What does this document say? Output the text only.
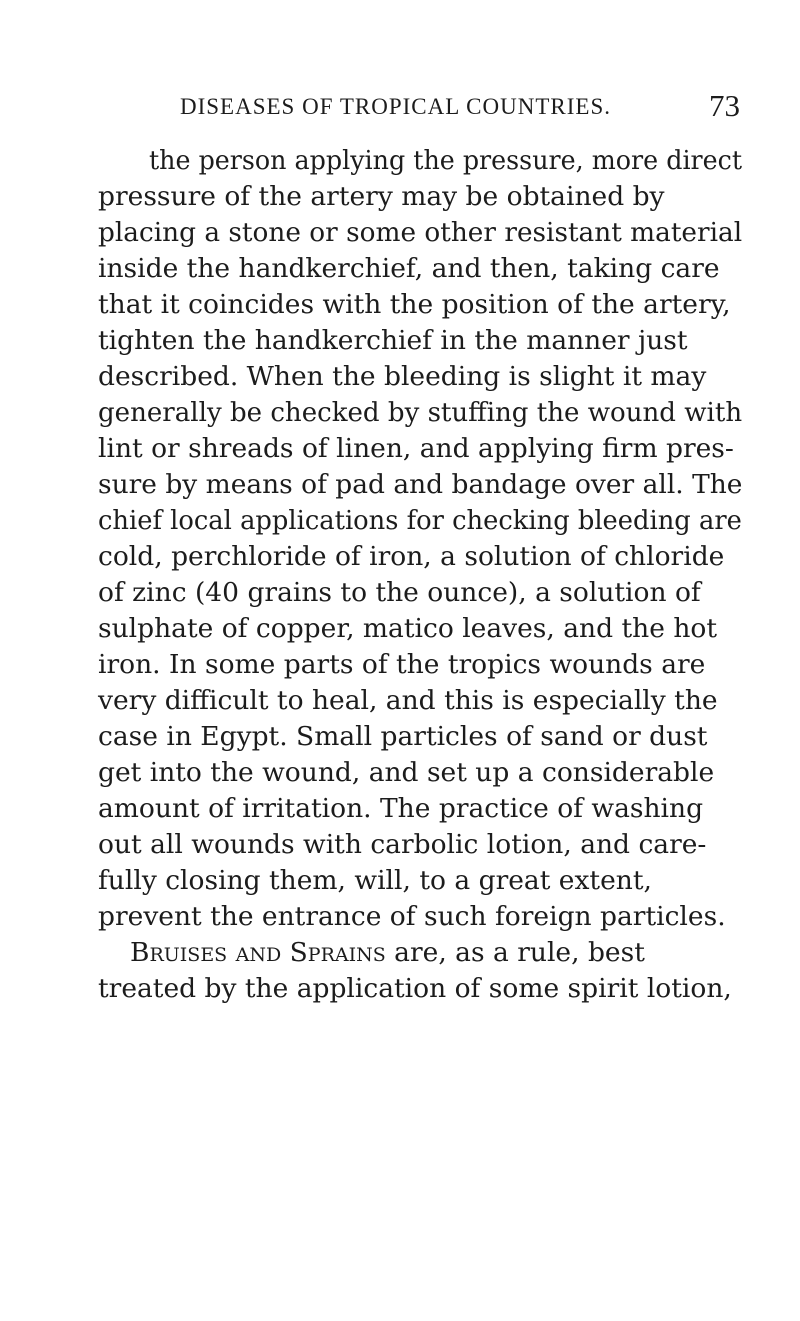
DISEASES OF TROPICAL COUNTRIES.	73
the person applying the pressure, more direct
pressure of the artery may be obtained by
placing a stone or some other resistant material
inside the handkerchief, and then, taking care
that it coincides with the position of the artery,
tighten the handkerchief in the manner just
described. When the bleeding is slight it may
generally be checked by stuffing the wound with
lint or shreads of linen, and applying firm pres-
sure by means of pad and bandage over all. The
chief local applications for checking bleeding are
cold, perchloride of iron, a solution of chloride
of zinc (40 grains to the ounce), a solution of
sulphate of copper, matico leaves, and the hot
iron. In some parts of the tropics wounds are
very difficult to heal, and this is especially the
case in Egypt. Small particles of sand or dust
get into the wound, and set up a considerable
amount of irritation. The practice of washing
out all wounds with carbolic lotion, and care-
fully closing them, will, to a great extent,
prevent the entrance of such foreign particles.
Bruises and Sprains are, as a rule, best
treated by the application of some spirit lotion,
